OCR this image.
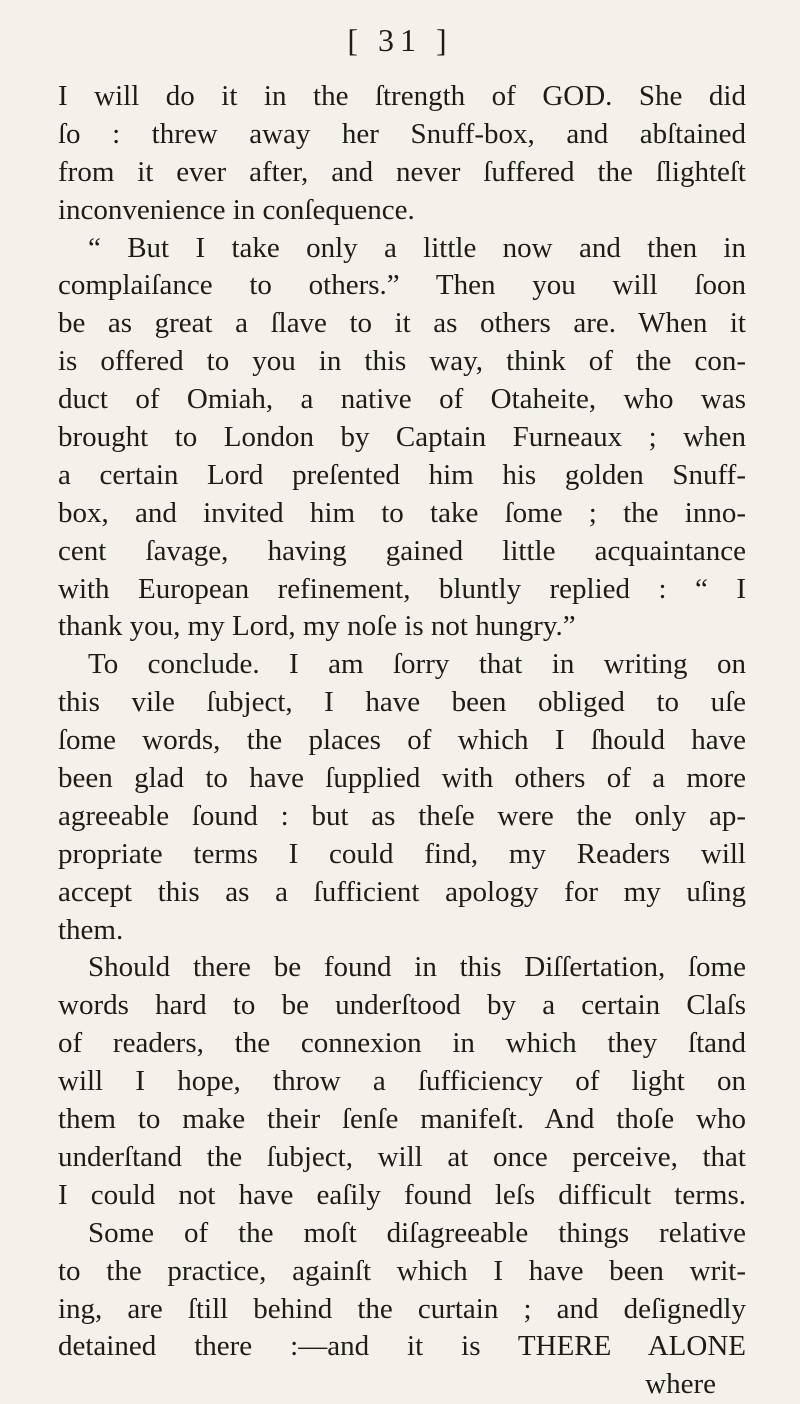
[ 31 ]
I will do it in the ſtrength of GOD. She did
ſo : threw away her Snuff-box, and abſtained
from it ever after, and never ſuffered the ſlighteſt
inconvenience in conſequence.
“ But I take only a little now and then in
complaiſance to others.” Then you will ſoon
be as great a ſlave to it as others are. When it
is offered to you in this way, think of the con-
duct of Omiah, a native of Otaheite, who was
brought to London by Captain Furneaux ; when
a certain Lord preſented him his golden Snuff-
box, and invited him to take ſome ; the inno-
cent ſavage, having gained little acquaintance
with European refinement, bluntly replied : “ I
thank you, my Lord, my noſe is not hungry.”
To conclude. I am ſorry that in writing on
this vile ſubject, I have been obliged to uſe
ſome words, the places of which I ſhould have
been glad to have ſupplied with others of a more
agreeable ſound : but as theſe were the only ap-
propriate terms I could find, my Readers will
accept this as a ſufficient apology for my uſing
them.
Should there be found in this Diſſertation, ſome
words hard to be underſtood by a certain Claſs
of readers, the connexion in which they ſtand
will I hope, throw a ſufficiency of light on
them to make their ſenſe manifeſt. And thoſe who
underſtand the ſubject, will at once perceive, that
I could not have eaſily found leſs difficult terms.
Some of the moſt diſagreeable things relative
to the practice, againſt which I have been writ-
ing, are ſtill behind the curtain ; and deſignedly
detained there :—and it is THERE ALONE
where
